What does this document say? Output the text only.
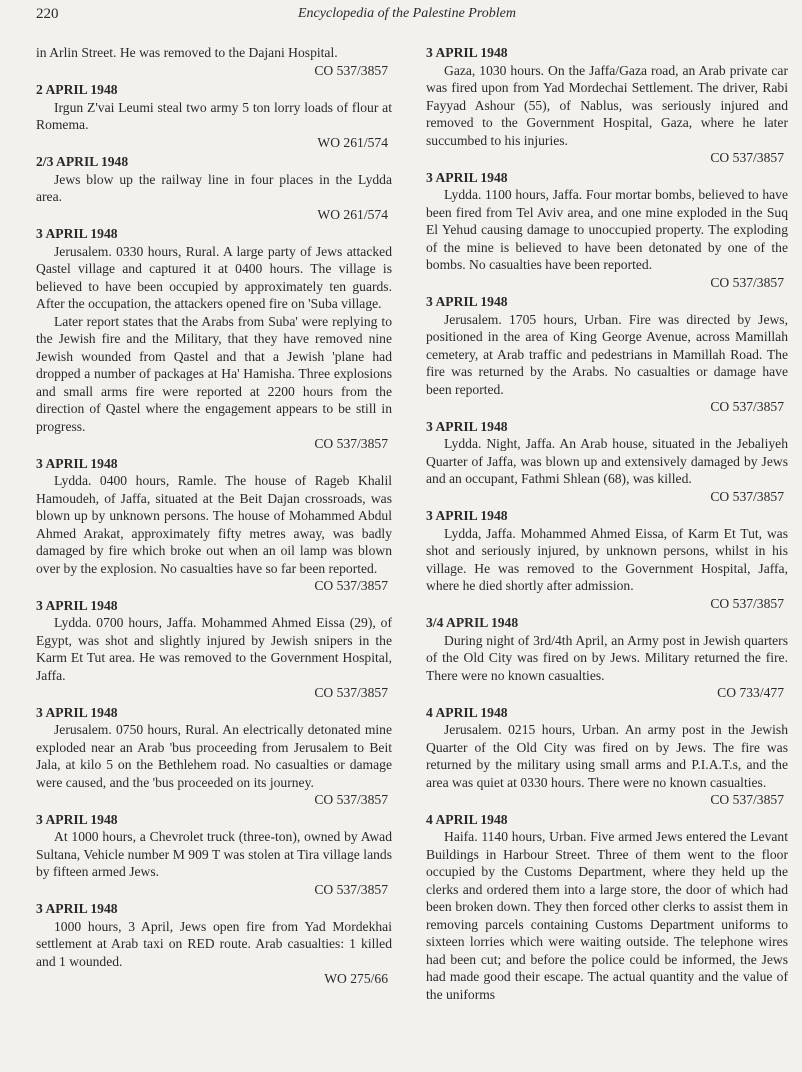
220	Encyclopedia of the Palestine Problem
in Arlin Street. He was removed to the Dajani Hospital.
CO 537/3857
2 APRIL 1948
Irgun Z'vai Leumi steal two army 5 ton lorry loads of flour at Romema.
WO 261/574
2/3 APRIL 1948
Jews blow up the railway line in four places in the Lydda area.
WO 261/574
3 APRIL 1948
Jerusalem. 0330 hours, Rural. A large party of Jews attacked Qastel village and captured it at 0400 hours. The village is believed to have been occupied by approximately ten guards. After the occupation, the attackers opened fire on 'Suba village.
Later report states that the Arabs from Suba' were replying to the Jewish fire and the Military, that they have removed nine Jewish wounded from Qastel and that a Jewish 'plane had dropped a number of packages at Ha' Hamisha. Three explosions and small arms fire were reported at 2200 hours from the direction of Qastel where the engagement appears to be still in progress.
CO 537/3857
3 APRIL 1948
Lydda. 0400 hours, Ramle. The house of Rageb Khalil Hamoudeh, of Jaffa, situated at the Beit Dajan crossroads, was blown up by unknown persons. The house of Mohammed Abdul Ahmed Arakat, approximately fifty metres away, was badly damaged by fire which broke out when an oil lamp was blown over by the explosion. No casualties have so far been reported.
CO 537/3857
3 APRIL 1948
Lydda. 0700 hours, Jaffa. Mohammed Ahmed Eissa (29), of Egypt, was shot and slightly injured by Jewish snipers in the Karm Et Tut area. He was removed to the Government Hospital, Jaffa.
CO 537/3857
3 APRIL 1948
Jerusalem. 0750 hours, Rural. An electrically detonated mine exploded near an Arab 'bus proceeding from Jerusalem to Beit Jala, at kilo 5 on the Bethlehem road. No casualties or damage were caused, and the 'bus proceeded on its journey.
CO 537/3857
3 APRIL 1948
At 1000 hours, a Chevrolet truck (three-ton), owned by Awad Sultana, Vehicle number M 909 T was stolen at Tira village lands by fifteen armed Jews.
CO 537/3857
3 APRIL 1948
1000 hours, 3 April, Jews open fire from Yad Mordekhai settlement at Arab taxi on RED route. Arab casualties: 1 killed and 1 wounded.
WO 275/66
3 APRIL 1948
Gaza, 1030 hours. On the Jaffa/Gaza road, an Arab private car was fired upon from Yad Mordechai Settlement. The driver, Rabi Fayyad Ashour (55), of Nablus, was seriously injured and removed to the Government Hospital, Gaza, where he later succumbed to his injuries.
CO 537/3857
3 APRIL 1948
Lydda. 1100 hours, Jaffa. Four mortar bombs, believed to have been fired from Tel Aviv area, and one mine exploded in the Suq El Yehud causing damage to unoccupied property. The exploding of the mine is believed to have been detonated by one of the bombs. No casualties have been reported.
CO 537/3857
3 APRIL 1948
Jerusalem. 1705 hours, Urban. Fire was directed by Jews, positioned in the area of King George Avenue, across Mamillah cemetery, at Arab traffic and pedestrians in Mamillah Road. The fire was returned by the Arabs. No casualties or damage have been reported.
CO 537/3857
3 APRIL 1948
Lydda. Night, Jaffa. An Arab house, situated in the Jebaliyeh Quarter of Jaffa, was blown up and extensively damaged by Jews and an occupant, Fathmi Shlean (68), was killed.
CO 537/3857
3 APRIL 1948
Lydda, Jaffa. Mohammed Ahmed Eissa, of Karm Et Tut, was shot and seriously injured, by unknown persons, whilst in his village. He was removed to the Government Hospital, Jaffa, where he died shortly after admission.
CO 537/3857
3/4 APRIL 1948
During night of 3rd/4th April, an Army post in Jewish quarters of the Old City was fired on by Jews. Military returned the fire. There were no known casualties.
CO 733/477
4 APRIL 1948
Jerusalem. 0215 hours, Urban. An army post in the Jewish Quarter of the Old City was fired on by Jews. The fire was returned by the military using small arms and P.I.A.T.s, and the area was quiet at 0330 hours. There were no known casualties.
CO 537/3857
4 APRIL 1948
Haifa. 1140 hours, Urban. Five armed Jews entered the Levant Buildings in Harbour Street. Three of them went to the floor occupied by the Customs Department, where they held up the clerks and ordered them into a large store, the door of which had been broken down. They then forced other clerks to assist them in removing parcels containing Customs Department uniforms to sixteen lorries which were waiting outside. The telephone wires had been cut; and before the police could be informed, the Jews had made good their escape. The actual quantity and the value of the uniforms
